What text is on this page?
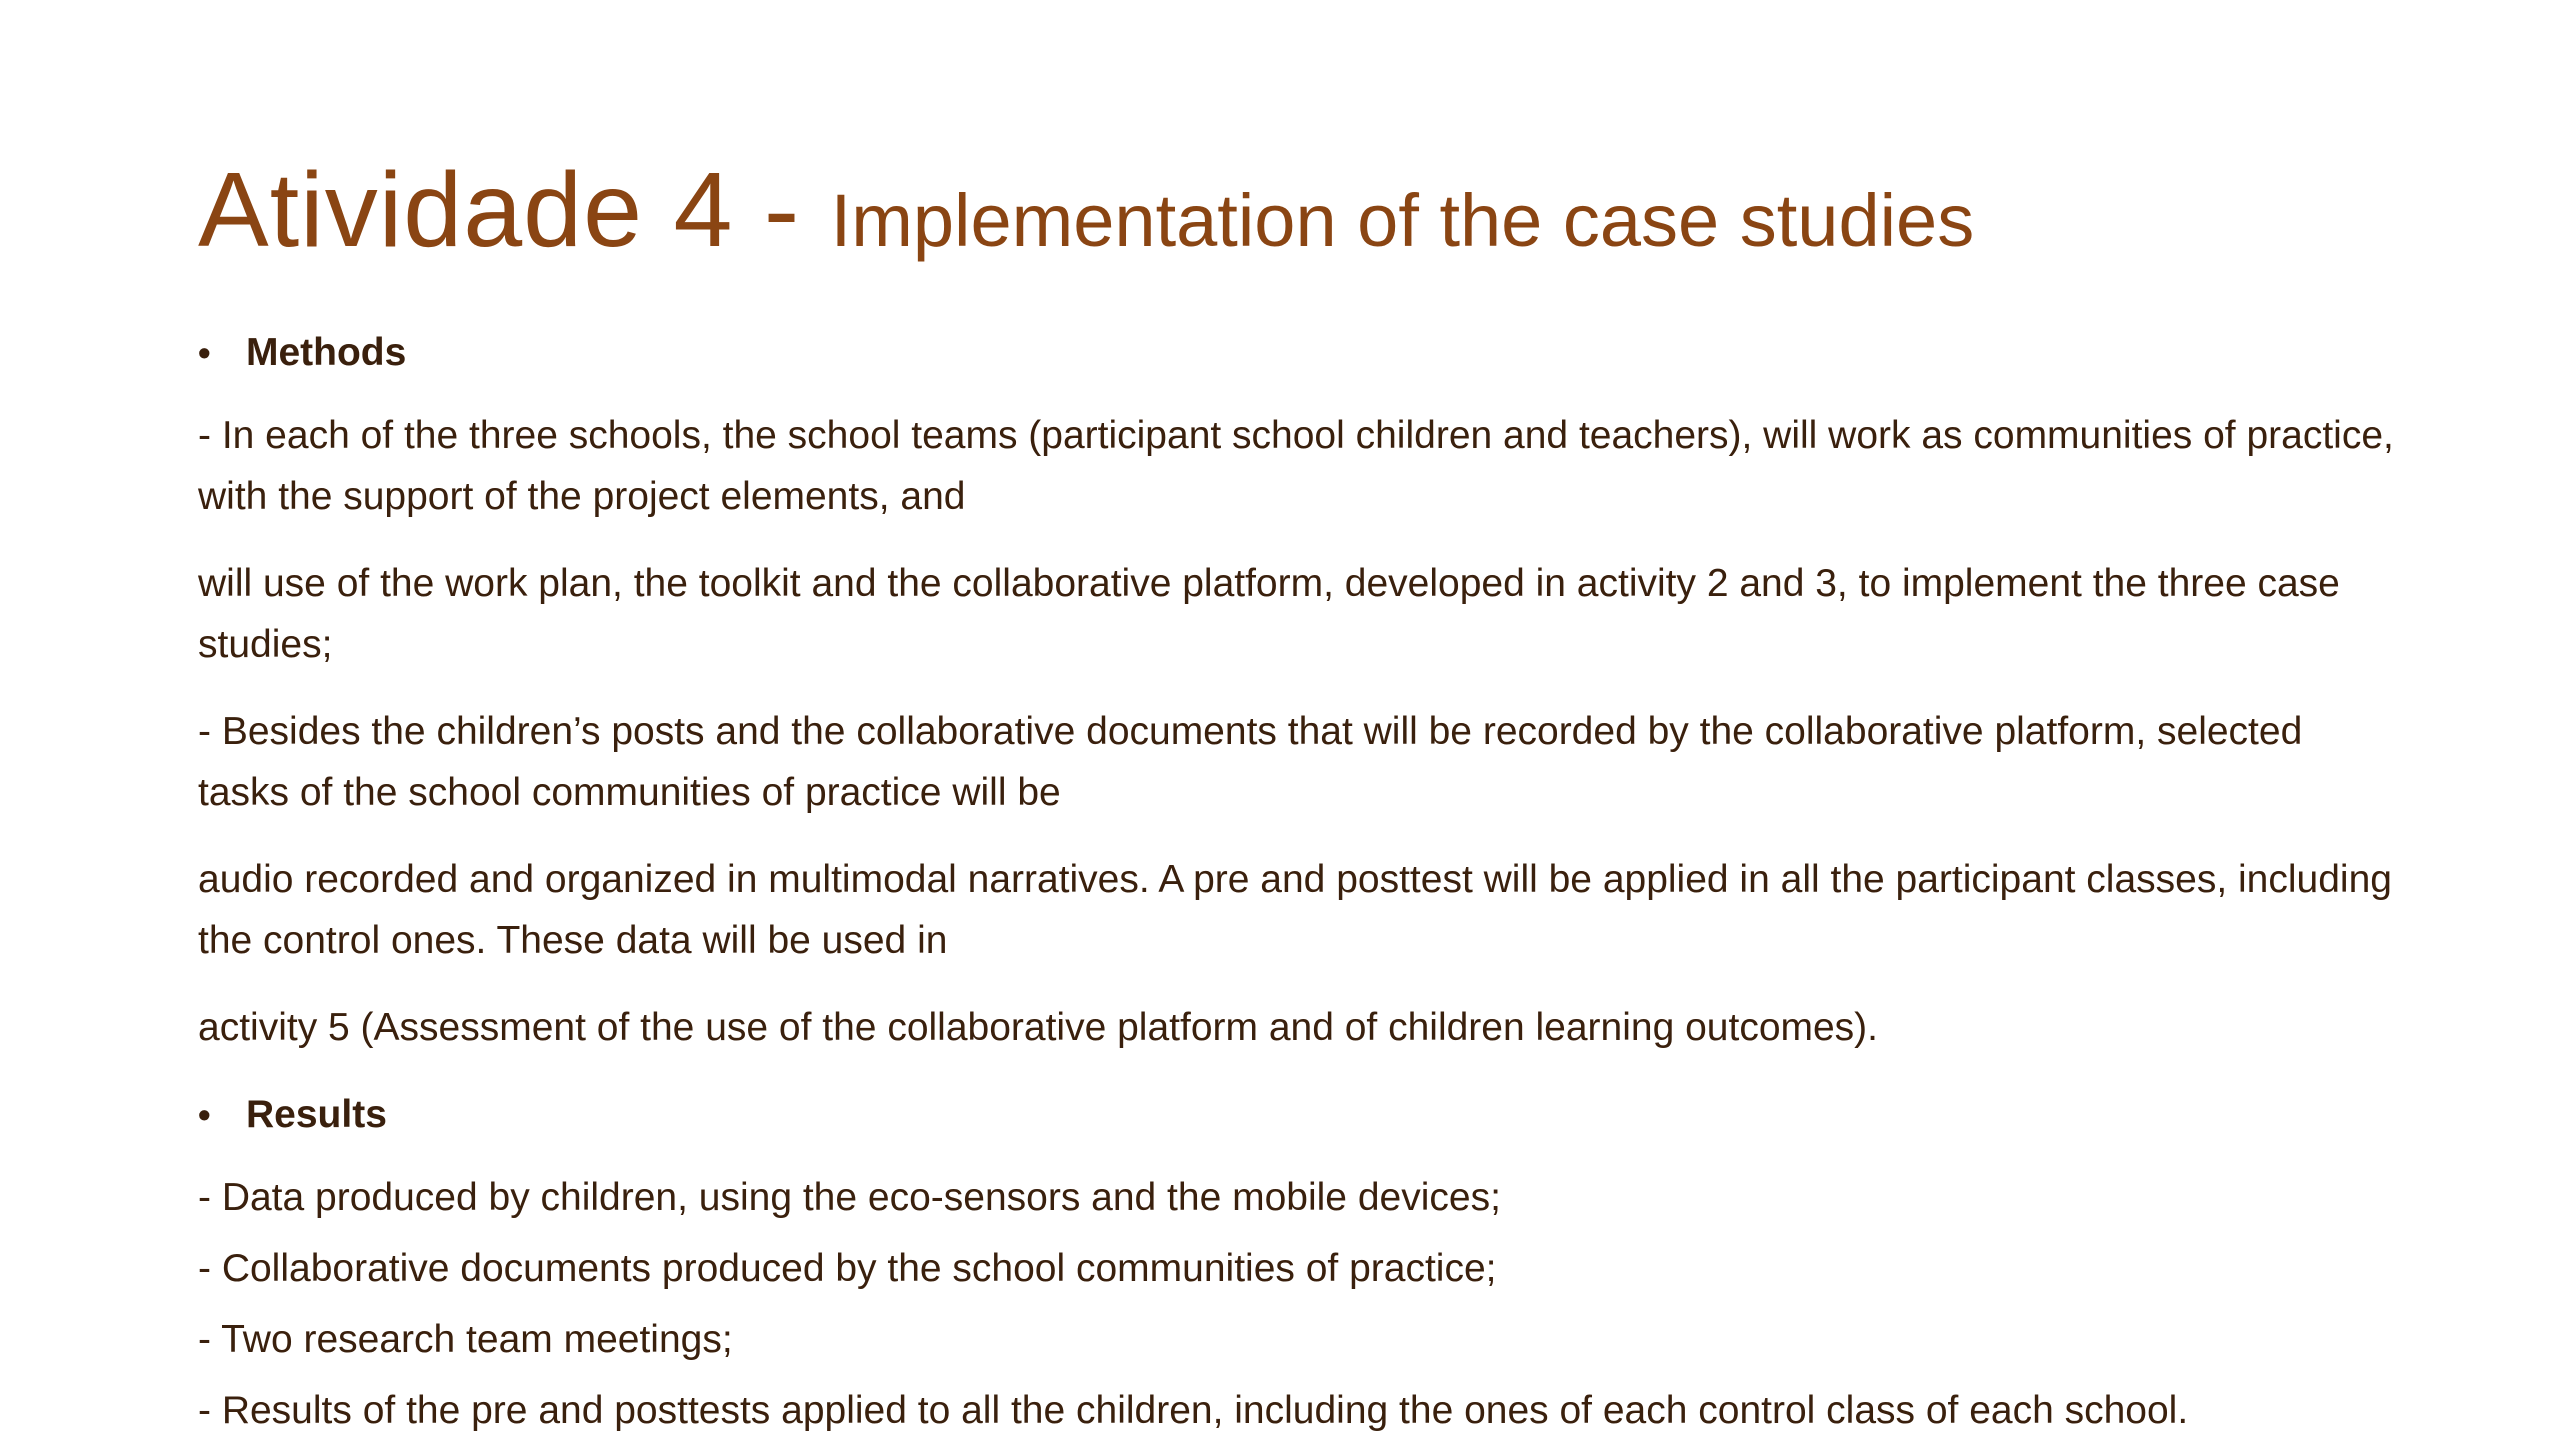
Atividade 4 - Implementation of the case studies
• Methods

- In each of the three schools, the school teams (participant school children and teachers), will work as communities of practice, with the support of the project elements, and

will use of the work plan, the toolkit and the collaborative platform, developed in activity 2 and 3, to implement the three case studies;

- Besides the children’s posts and the collaborative documents that will be recorded by the collaborative platform, selected tasks of the school communities of practice will be

audio recorded and organized in multimodal narratives. A pre and posttest will be applied in all the participant classes, including the control ones. These data will be used in

activity 5 (Assessment of the use of the collaborative platform and of children learning outcomes).

• Results

- Data produced by children, using the eco-sensors and the mobile devices;

- Collaborative documents produced by the school communities of practice;

- Two research team meetings;

- Results of the pre and posttests applied to all the children, including the ones of each control class of each school.
